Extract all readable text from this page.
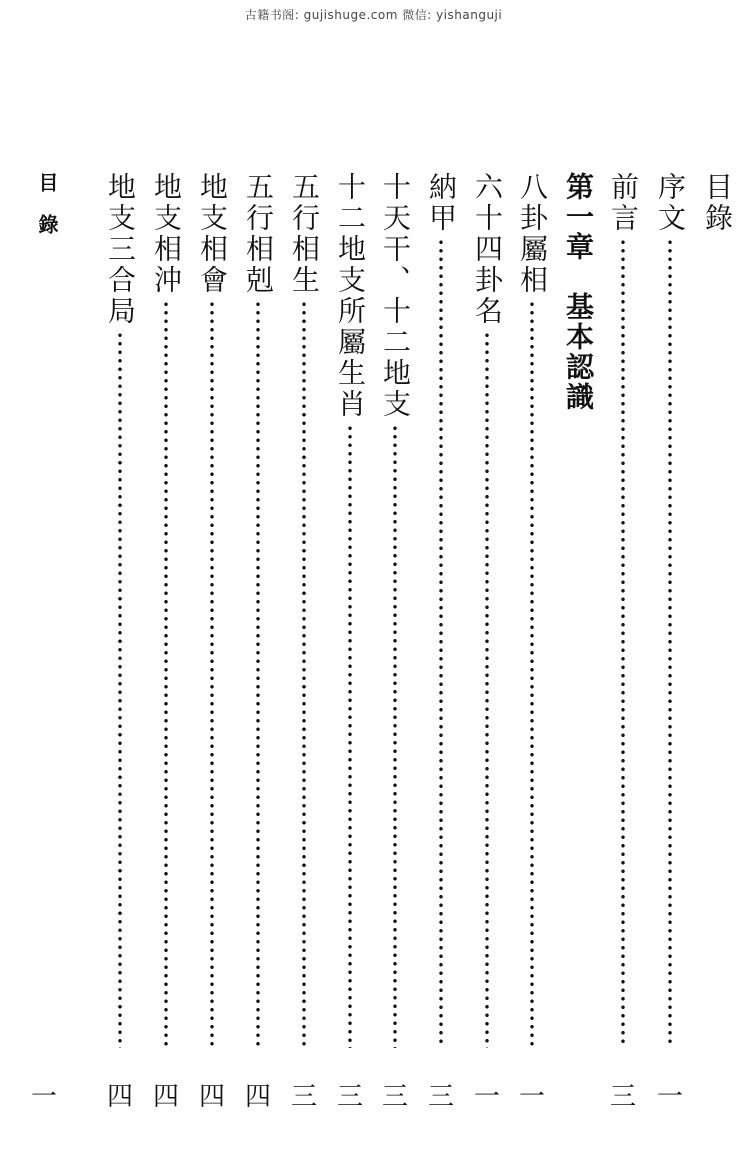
古籍书阁: gujishuge.com 微信: yishanguji
目錄
序文
前言
第一章　基本認識
八卦屬相
六十四卦名
納甲
十天干、十二地支
十二地支所屬生肖
五行相生
五行相剋
地支相會
地支相沖
地支三合局
一
三
一
一
三
三
三
三
四
四
四
四
目錄
一
